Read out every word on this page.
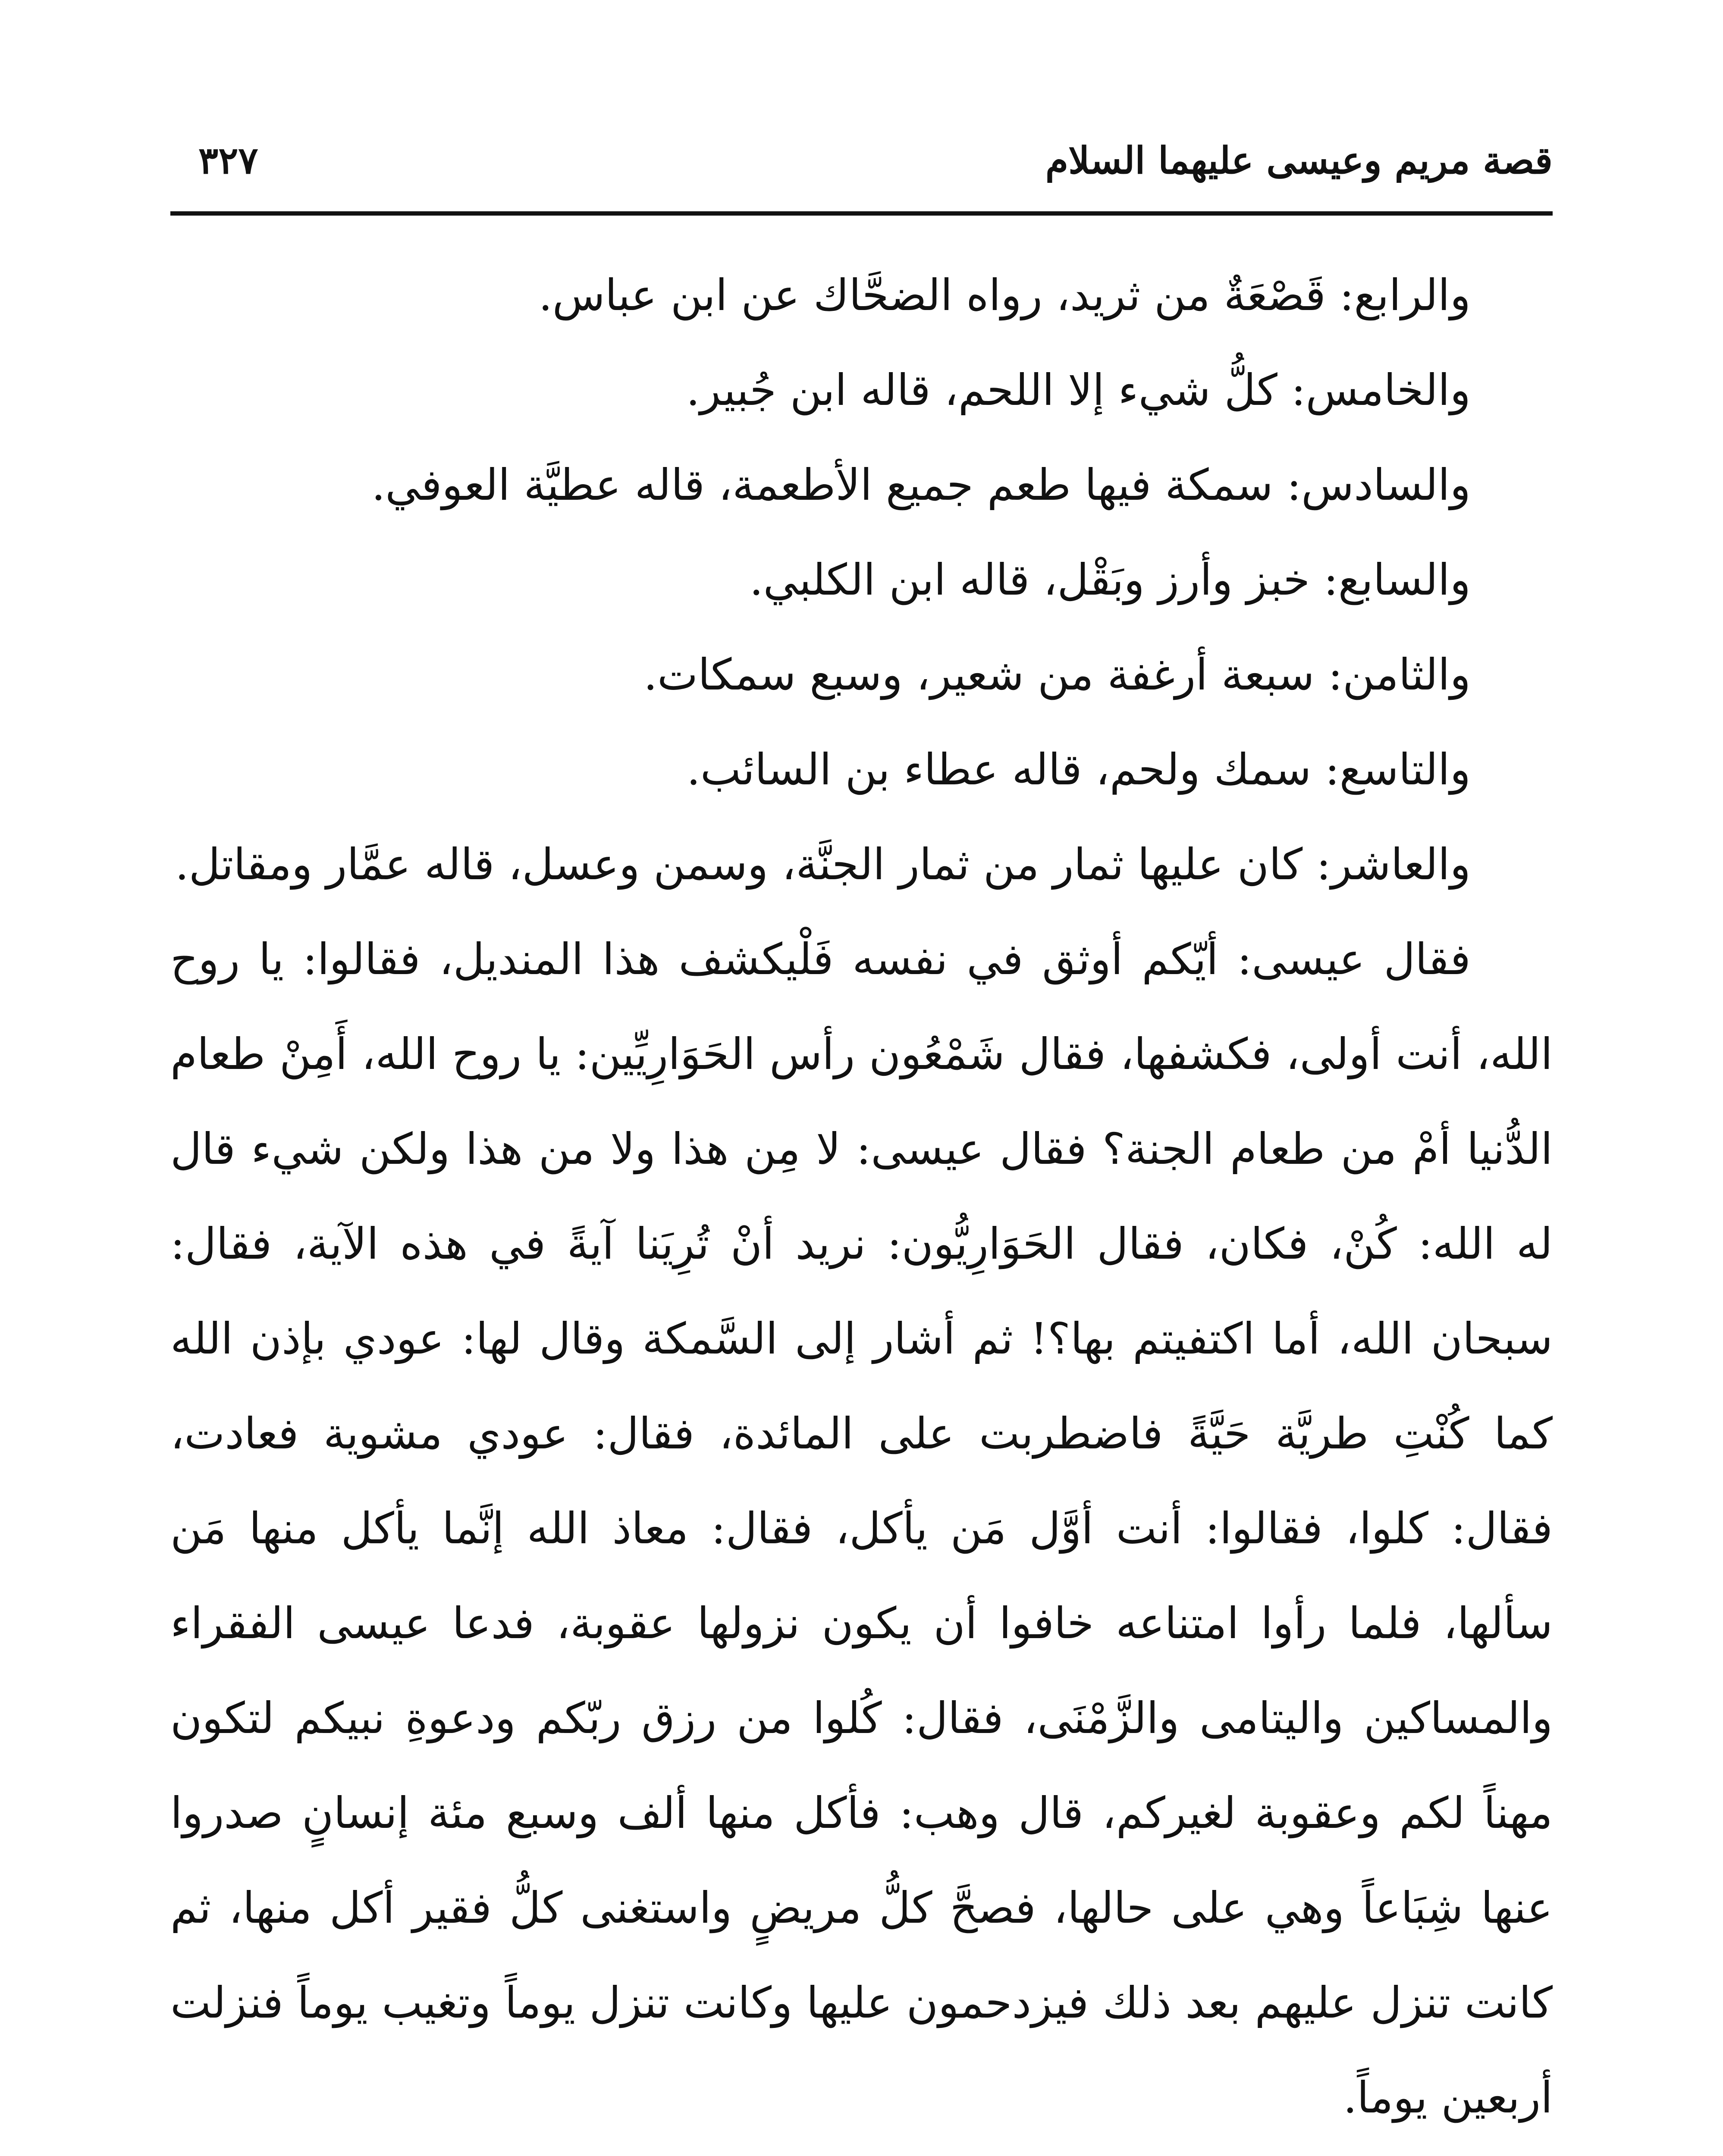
قصة مريم وعيسى عليهما السلام
٣٢٧

والرابع: قَصْعَةٌ من ثريد، رواه الضحَّاك عن ابن عباس.

والخامس: كلُّ شيء إلا اللحم، قاله ابن جُبير.

والسادس: سمكة فيها طعم جميع الأطعمة، قاله عطيَّة العوفي.

والسابع: خبز وأرز وبَقْل، قاله ابن الكلبي.

والثامن: سبعة أرغفة من شعير، وسبع سمكات.

والتاسع: سمك ولحم، قاله عطاء بن السائب.

والعاشر: كان عليها ثمار من ثمار الجنَّة، وسمن وعسل، قاله عمَّار ومقاتل.

فقال عيسى: أيّكم أوثق في نفسه فَلْيكشف هذا المنديل، فقالوا: يا روح الله، أنت أولى، فكشفها، فقال شَمْعُون رأس الحَوَارِيِّين: يا روح الله، أَمِنْ طعام الدُّنيا أمْ من طعام الجنة؟ فقال عيسى: لا مِن هذا ولا من هذا ولكن شيء قال له الله: كُنْ، فكان، فقال الحَوَارِيُّون: نريد أنْ تُرِيَنا آيةً في هذه الآية، فقال: سبحان الله، أما اكتفيتم بها؟! ثم أشار إلى السَّمكة وقال لها: عودي بإذن الله كما كُنْتِ طريَّة حَيَّةً فاضطربت على المائدة، فقال: عودي مشوية فعادت، فقال: كلوا، فقالوا: أنت أوَّل مَن يأكل، فقال: معاذ الله إنَّما يأكل منها مَن سألها، فلما رأوا امتناعه خافوا أن يكون نزولها عقوبة، فدعا عيسى الفقراء والمساكين واليتامى والزَّمْنَى، فقال: كُلوا من رزق ربّكم ودعوةِ نبيكم لتكون مهناً لكم وعقوبة لغيركم، قال وهب: فأكل منها ألف وسبع مئة إنسانٍ صدروا عنها شِبَاعاً وهي على حالها، فصحَّ كلُّ مريضٍ واستغنى كلُّ فقير أكل منها، ثم كانت تنزل عليهم بعد ذلك فيزدحمون عليها وكانت تنزل يوماً وتغيب يوماً فنزلت أربعين يوماً.
